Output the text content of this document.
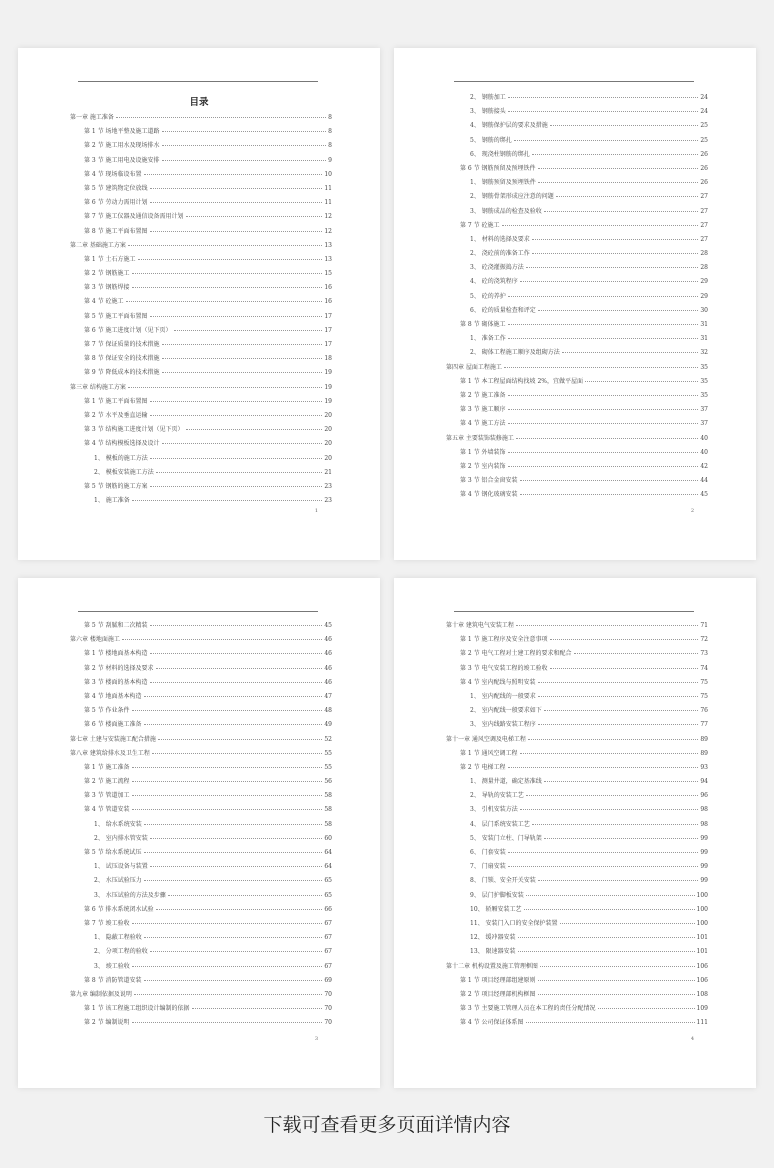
目录
第一章 施工准备	8
第 1 节 场地平整及施工道路	8
第 2 节 施工用水及现场排水	8
第 3 节 施工用电及设施安排	9
第 4 节 现场临设布置	10
第 5 节 建筑物定位放线	11
第 6 节 劳动力需用计划	11
第 7 节 施工仪器及通信设备需用计划	12
第 8 节 施工平面布置图	12
第二章 基础施工方案	13
第 1 节 土石方施工	13
第 2 节 钢筋施工	15
第 3 节 钢筋焊接	16
第 4 节 砼施工	16
第 5 节 施工平面布置图	17
第 6 节 施工进度计划（见下页）	17
第 7 节 保证质量的技术措施	17
第 8 节 保证安全的技术措施	18
第 9 节 降低成本的技术措施	19
第三章 结构施工方案	19
第 1 节 施工平面布置图	19
第 2 节 水平及垂直运输	20
第 3 节 结构施工进度计划（见下页）	20
第 4 节 结构模板选择及设计	20
1、 模板的施工方法	20
2、 模板安装施工方法	21
第 5 节 钢筋的施工方案	23
1、 施工准备	23
1
2、 钢筋加工	24
3、 钢筋接头	24
4、 钢筋保护层的要求及措施	25
5、 钢筋的绑扎	25
6、 现浇柱钢筋的绑扎	26
第 6 节 钢筋预留及预埋铁件	26
1、 钢筋预留及预埋铁件	26
2、 钢筋骨架形成应注意的问题	27
3、 钢筋成品的检查及验收	27
第 7 节 砼施工	27
1、 材料的选择及要求	27
2、 浇砼前的准备工作	28
3、 砼浇灌振捣方法	28
4、 砼的浇筑程序	29
5、 砼的养护	29
6、 砼的质量检查和评定	30
第 8 节 砌体施工	31
1、 准备工作	31
2、 砌体工程施工顺序及组砌方法	32
第四章 屋面工程施工	35
第 1 节 本工程屋面结构找坡 2%，宜做平屋面	35
第 2 节 施工准备	35
第 3 节 施工顺序	37
第 4 节 施工方法	37
第五章 主要装饰装修施工	40
第 1 节 外墙装饰	40
第 2 节 室内装饰	42
第 3 节 铝合金窗安装	44
第 4 节 钢化玻璃安装	45
2
第 5 节 刮腻和二次精装	45
第六章 楼地面施工	46
第 1 节 楼地面基本构造	46
第 2 节 材料的选择及要求	46
第 3 节 楼面的基本构造	46
第 4 节 地面基本构造	47
第 5 节 作业条件	48
第 6 节 楼面施工准备	49
第七章 土建与安装施工配合措施	52
第八章 建筑给排水及卫生工程	55
第 1 节 施工准备	55
第 2 节 施工流程	56
第 3 节 管道加工	58
第 4 节 管道安装	58
1、 给水系统安装	58
2、 室内排水管安装	60
第 5 节 给水系统试压	64
1、 试压设备与装置	64
2、 水压试验压力	65
3、 水压试验的方法及步骤	65
第 6 节 排水系统闭水试验	66
第 7 节 竣工验收	67
1、 隐蔽工程验收	67
2、 分项工程的验收	67
3、 竣工验收	67
第 8 节 消防管道安装	69
第九章 编制依据及说明	70
第 1 节 该工程施工组织设计编制的依据	70
第 2 节 编制说明	70
3
第十章 建筑电气安装工程	71
第 1 节 施工程序及安全注意事项	72
第 2 节 电气工程对土建工程的要求和配合	73
第 3 节 电气安装工程的竣工验收	74
第 4 节 室内配线与照明安装	75
1、 室内配线的一般要求	75
2、 室内配线一般要求如下	76
3、 室内线路安装工程序	77
第十一章 通风空调及电梯工程	89
第 1 节 通风空调工程	89
第 2 节 电梯工程	93
1、 测量井道，确定基准线	94
2、 导轨的安装工艺	96
3、 引机安装方法	98
4、 层门系统安装工艺	98
5、 安装门立柱、门导轨架	99
6、 门套安装	99
7、 门扇安装	99
8、 门锁、安全开关安装	99
9、 层门护脚板安装	100
10、 轿厢安装工艺	100
11、 安装门入口的安全保护装置	100
12、 缓冲器安装	101
13、 限速器安装	101
第十二章 机构设置及施工管理框图	106
第 1 节 项目经理部组建原则	106
第 2 节 项目经理部机构框图	108
第 3 节 主要施工管理人员在本工程的责任分配情况	109
第 4 节 公司保证体系图	111
4
下载可查看更多页面详情内容
